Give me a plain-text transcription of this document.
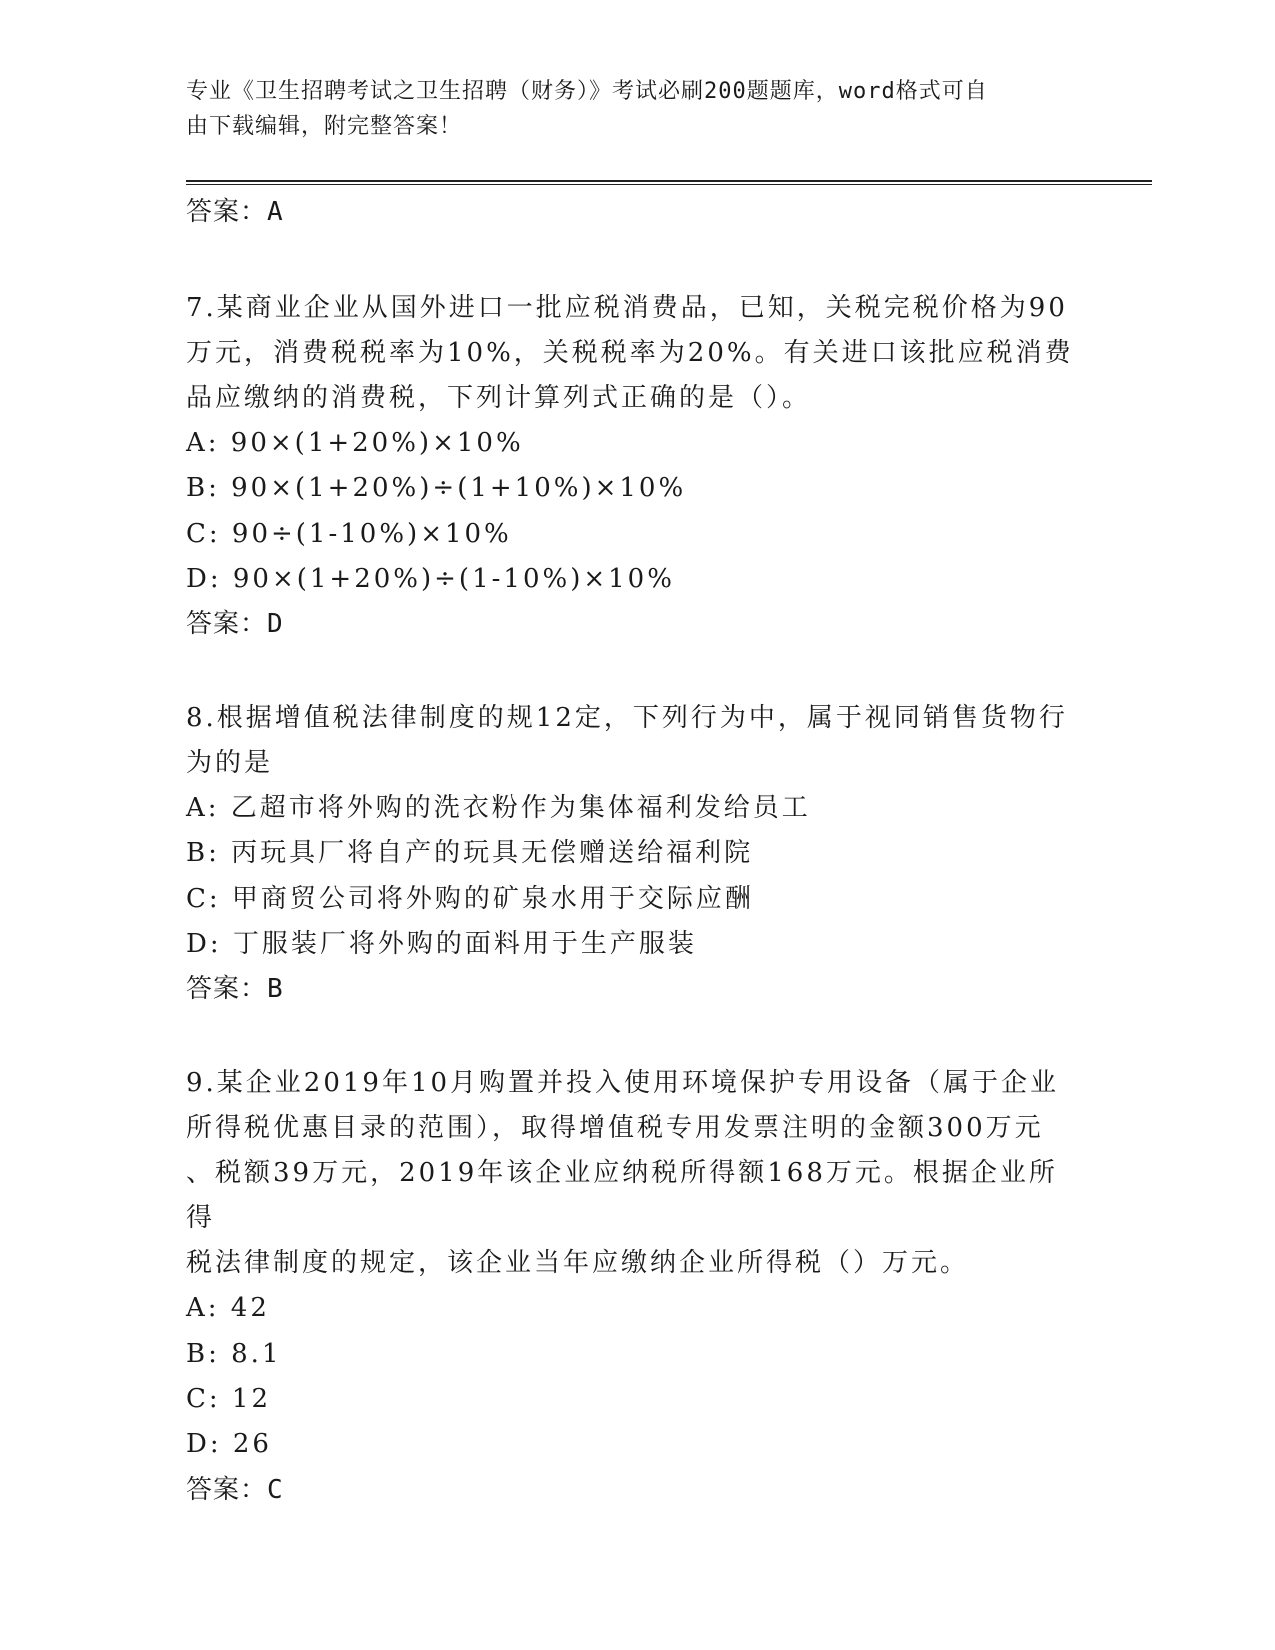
专业《卫生招聘考试之卫生招聘（财务）》考试必刷200题题库，word格式可自
由下载编辑，附完整答案！
答案：A
7.某商业企业从国外进口一批应税消费品，已知，关税完税价格为90
万元，消费税税率为10%，关税税率为20%。有关进口该批应税消费
品应缴纳的消费税，下列计算列式正确的是（）。
A: 90×(1+20%)×10%
B: 90×(1+20%)÷(1+10%)×10%
C: 90÷(1-10%)×10%
D: 90×(1+20%)÷(1-10%)×10%
答案：D
8.根据增值税法律制度的规12定，下列行为中，属于视同销售货物行
为的是
A: 乙超市将外购的洗衣粉作为集体福利发给员工
B: 丙玩具厂将自产的玩具无偿赠送给福利院
C: 甲商贸公司将外购的矿泉水用于交际应酬
D: 丁服装厂将外购的面料用于生产服装
答案：B
9.某企业2019年10月购置并投入使用环境保护专用设备（属于企业
所得税优惠目录的范围），取得增值税专用发票注明的金额300万元
、税额39万元，2019年该企业应纳税所得额168万元。根据企业所得
税法律制度的规定，该企业当年应缴纳企业所得税（）万元。
A: 42
B: 8.1
C: 12
D: 26
答案：C
